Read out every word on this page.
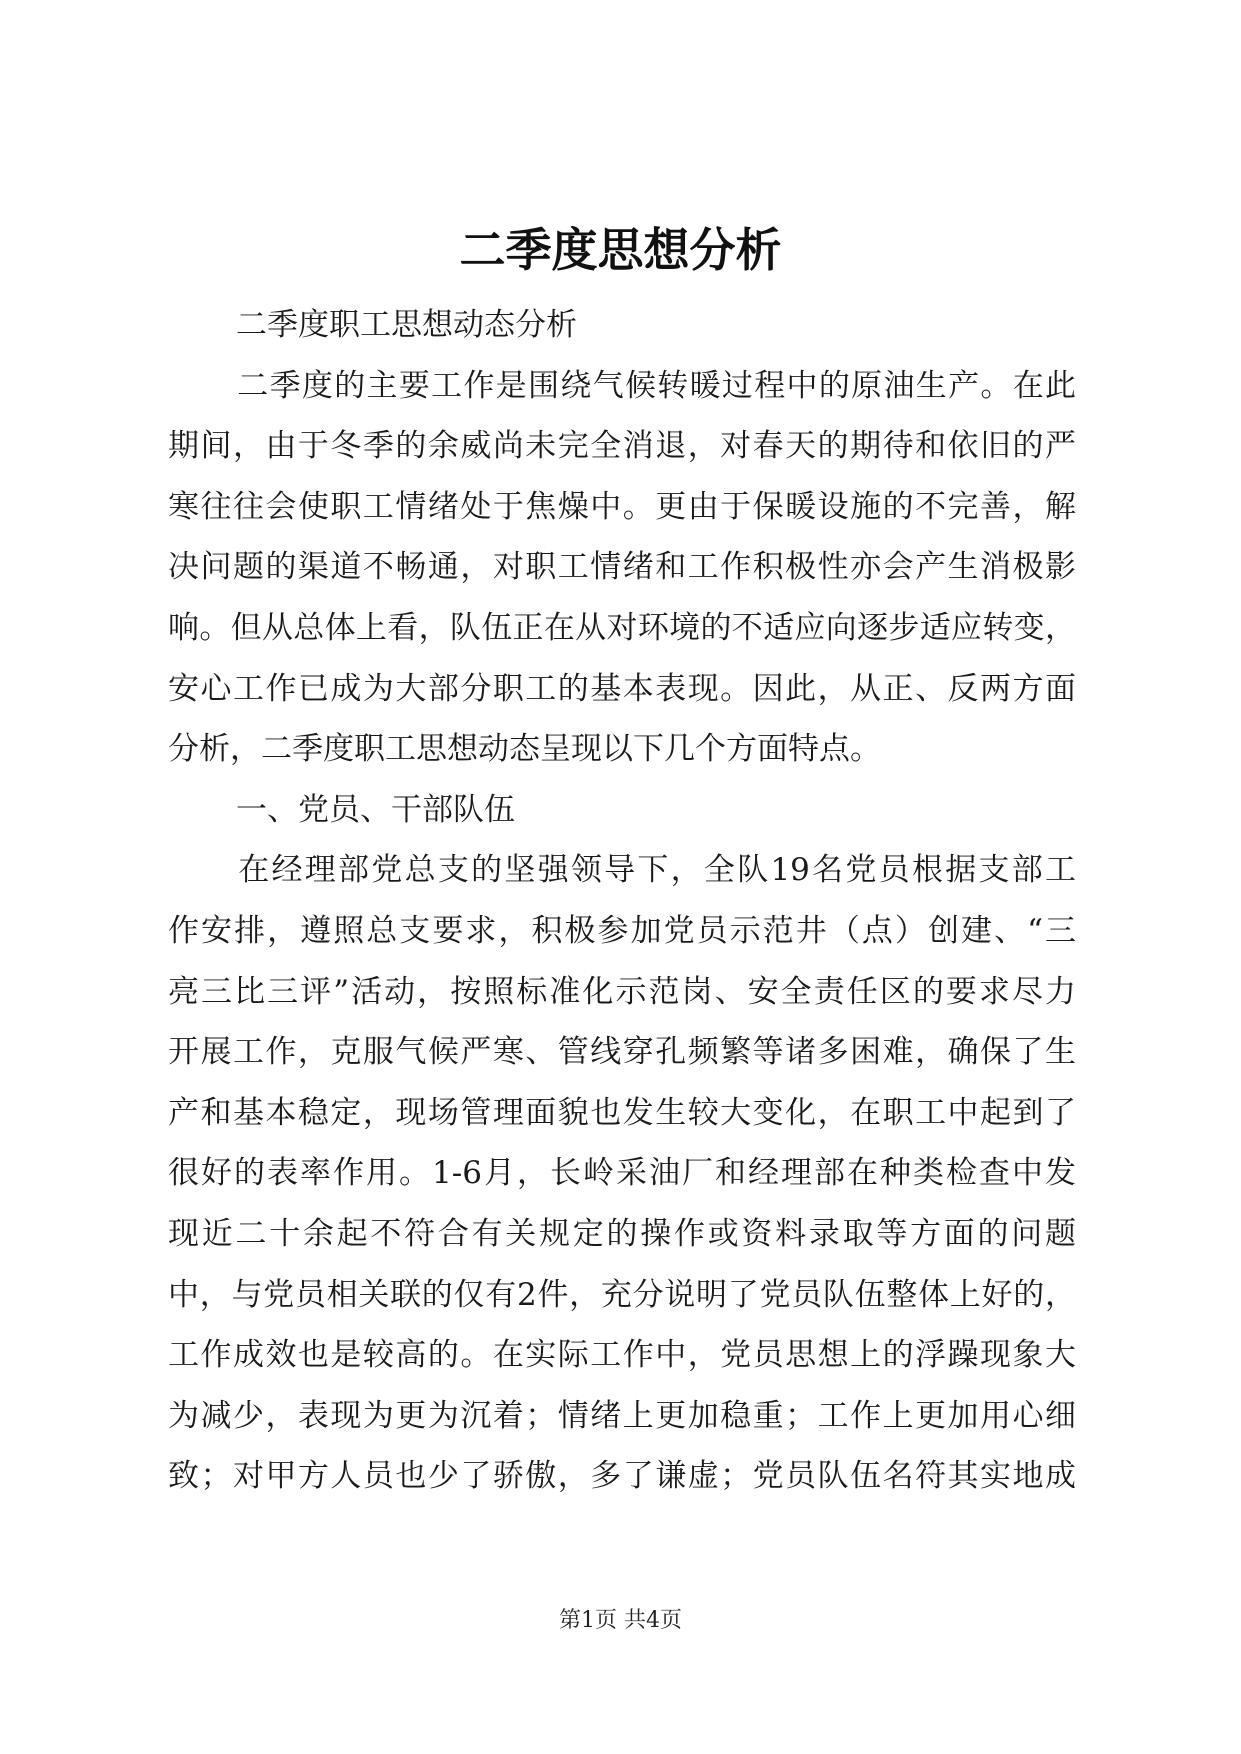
二季度思想分析
二季度职工思想动态分析
二季度的主要工作是围绕气候转暖过程中的原油生产。在此
期间，由于冬季的余威尚未完全消退，对春天的期待和依旧的严
寒往往会使职工情绪处于焦燥中。更由于保暖设施的不完善，解
决问题的渠道不畅通，对职工情绪和工作积极性亦会产生消极影
响。但从总体上看，队伍正在从对环境的不适应向逐步适应转变，
安心工作已成为大部分职工的基本表现。因此，从正、反两方面
分析，二季度职工思想动态呈现以下几个方面特点。
一、党员、干部队伍
在经理部党总支的坚强领导下，全队19名党员根据支部工
作安排，遵照总支要求，积极参加党员示范井（点）创建、“三
亮三比三评”活动，按照标准化示范岗、安全责任区的要求尽力
开展工作，克服气候严寒、管线穿孔频繁等诸多困难，确保了生
产和基本稳定，现场管理面貌也发生较大变化，在职工中起到了
很好的表率作用。1-6月，长岭采油厂和经理部在种类检查中发
现近二十余起不符合有关规定的操作或资料录取等方面的问题
中，与党员相关联的仅有2件，充分说明了党员队伍整体上好的，
工作成效也是较高的。在实际工作中，党员思想上的浮躁现象大
为减少，表现为更为沉着；情绪上更加稳重；工作上更加用心细
致；对甲方人员也少了骄傲，多了谦虚；党员队伍名符其实地成
第1页 共4页
